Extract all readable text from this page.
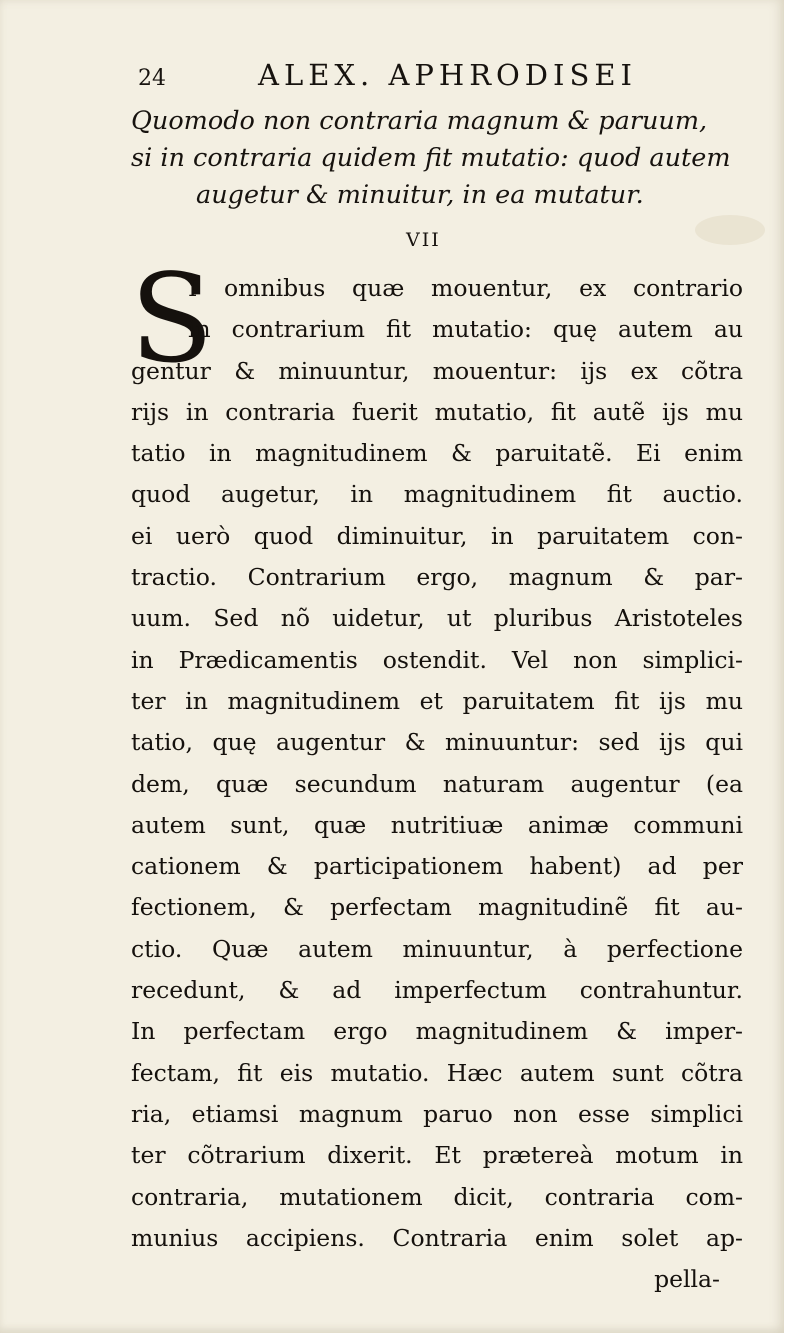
24	ALEX. APHRODISEI
Quomodo non contraria magnum & paruum,
si in contraria quidem fit mutatio: quod autem
augetur & minuitur, in ea mutatur.
VII
S
I omnibus quæ mouentur, ex contrario
in contrarium fit mutatio: quę autem au
gentur & minuuntur, mouentur: ijs ex cõtra
rijs in contraria fuerit mutatio, fit autẽ ijs mu
tatio in magnitudinem & paruitatẽ. Ei enim
quod augetur, in magnitudinem fit auctio.
ei uerò quod diminuitur, in paruitatem con-
tractio. Contrarium ergo, magnum & par-
uum. Sed nõ uidetur, ut pluribus Aristoteles
in Prædicamentis ostendit. Vel non simplici-
ter in magnitudinem et paruitatem fit ijs mu
tatio, quę augentur & minuuntur: sed ijs qui
dem, quæ secundum naturam augentur (ea
autem sunt, quæ nutritiuæ animæ communi
cationem & participationem habent) ad per
fectionem, & perfectam magnitudinẽ fit au-
ctio. Quæ autem minuuntur, à perfectione
recedunt, & ad imperfectum contrahuntur.
In perfectam ergo magnitudinem & imper-
fectam, fit eis mutatio. Hæc autem sunt cõtra
ria, etiamsi magnum paruo non esse simplici
ter cõtrarium dixerit. Et prætereà motum in
contraria, mutationem dicit, contraria com-
munius accipiens. Contraria enim solet ap-
pella-
